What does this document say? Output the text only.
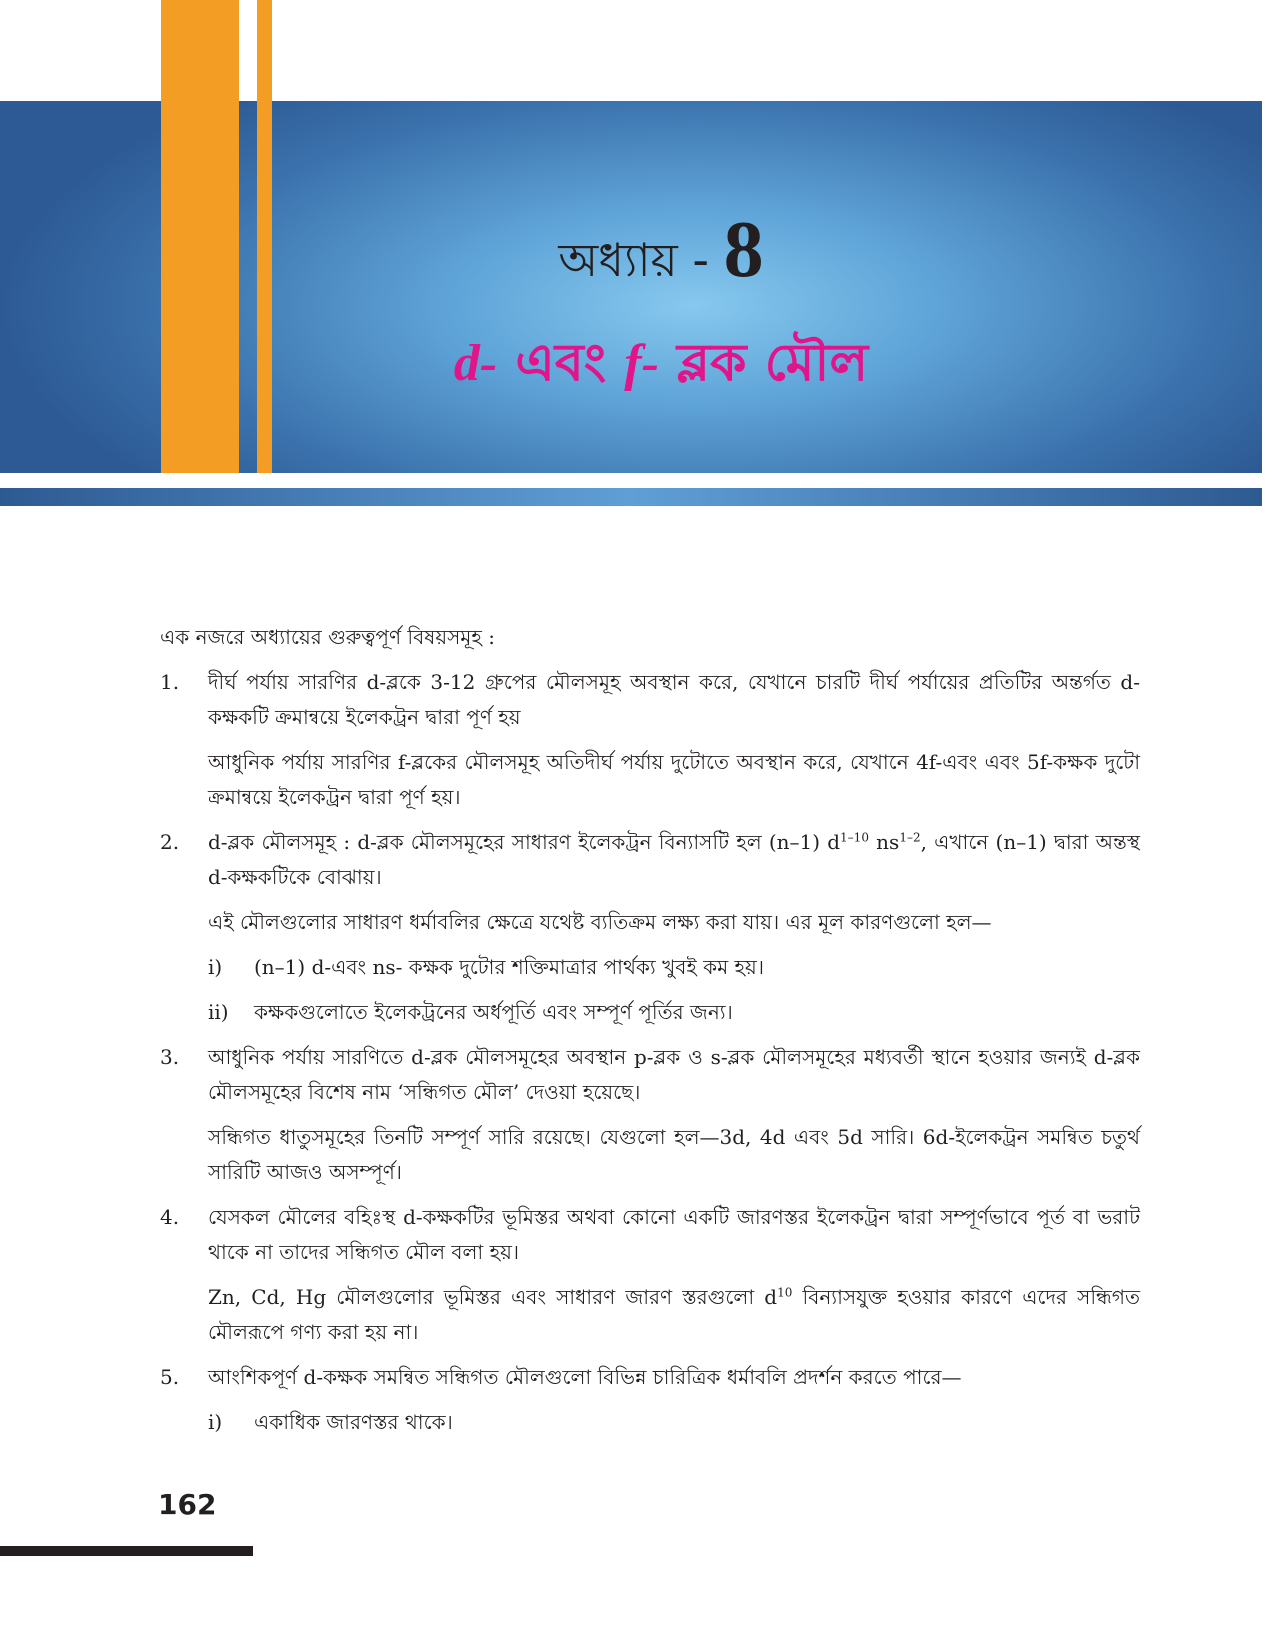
অধ্যায় - 8
d- এবং f- ব্লক মৌল

এক নজরে অধ্যায়ের গুরুত্বপূর্ণ বিষয়সমূহ :

1. দীর্ঘ পর্যায় সারণির d-ব্লকে 3-12 গ্রুপের মৌলসমূহ অবস্থান করে, যেখানে চারটি দীর্ঘ পর্যায়ের প্রতিটির অন্তর্গত d-কক্ষকটি ক্রমান্বয়ে ইলেকট্রন দ্বারা পূর্ণ হয়

আধুনিক পর্যায় সারণির f-ব্লকের মৌলসমূহ অতিদীর্ঘ পর্যায় দুটোতে অবস্থান করে, যেখানে 4f-এবং এবং 5f-কক্ষক দুটো ক্রমান্বয়ে ইলেকট্রন দ্বারা পূর্ণ হয়।

2. d-ব্লক মৌলসমূহ : d-ব্লক মৌলসমূহের সাধারণ ইলেকট্রন বিন্যাসটি হল (n–1) $d^{1-10}$ $ns^{1-2}$, এখানে (n–1) দ্বারা অন্তস্থ d-কক্ষকটিকে বোঝায়।

এই মৌলগুলোর সাধারণ ধর্মাবলির ক্ষেত্রে যথেষ্ট ব্যতিক্রম লক্ষ্য করা যায়। এর মূল কারণগুলো হল—

i) (n–1) d-এবং ns- কক্ষক দুটোর শক্তিমাত্রার পার্থক্য খুবই কম হয়।
ii) কক্ষকগুলোতে ইলেকট্রনের অর্ধপূর্তি এবং সম্পূর্ণ পূর্তির জন্য।
3. আধুনিক পর্যায় সারণিতে d-ব্লক মৌলসমূহের অবস্থান p-ব্লক ও s-ব্লক মৌলসমূহের মধ্যবর্তী স্থানে হওয়ার জন্যই d-ব্লক মৌলসমূহের বিশেষ নাম ‘সন্ধিগত মৌল’ দেওয়া হয়েছে।

সন্ধিগত ধাতুসমূহের তিনটি সম্পূর্ণ সারি রয়েছে। যেগুলো হল—3d, 4d এবং 5d সারি। 6d-ইলেকট্রন সমন্বিত চতুর্থ সারিটি আজও অসম্পূর্ণ।

4. যেসকল মৌলের বহিঃস্থ d-কক্ষকটির ভূমিস্তর অথবা কোনো একটি জারণস্তর ইলেকট্রন দ্বারা সম্পূর্ণভাবে পূর্ত বা ভরাট থাকে না তাদের সন্ধিগত মৌল বলা হয়।

Zn, Cd, Hg মৌলগুলোর ভূমিস্তর এবং সাধারণ জারণ স্তরগুলো $d^{10}$ বিন্যাসযুক্ত হওয়ার কারণে এদের সন্ধিগত মৌলরূপে গণ্য করা হয় না।

5. আংশিকপূর্ণ d-কক্ষক সমন্বিত সন্ধিগত মৌলগুলো বিভিন্ন চারিত্রিক ধর্মাবলি প্রদর্শন করতে পারে—

i) একাধিক জারণস্তর থাকে।
162
